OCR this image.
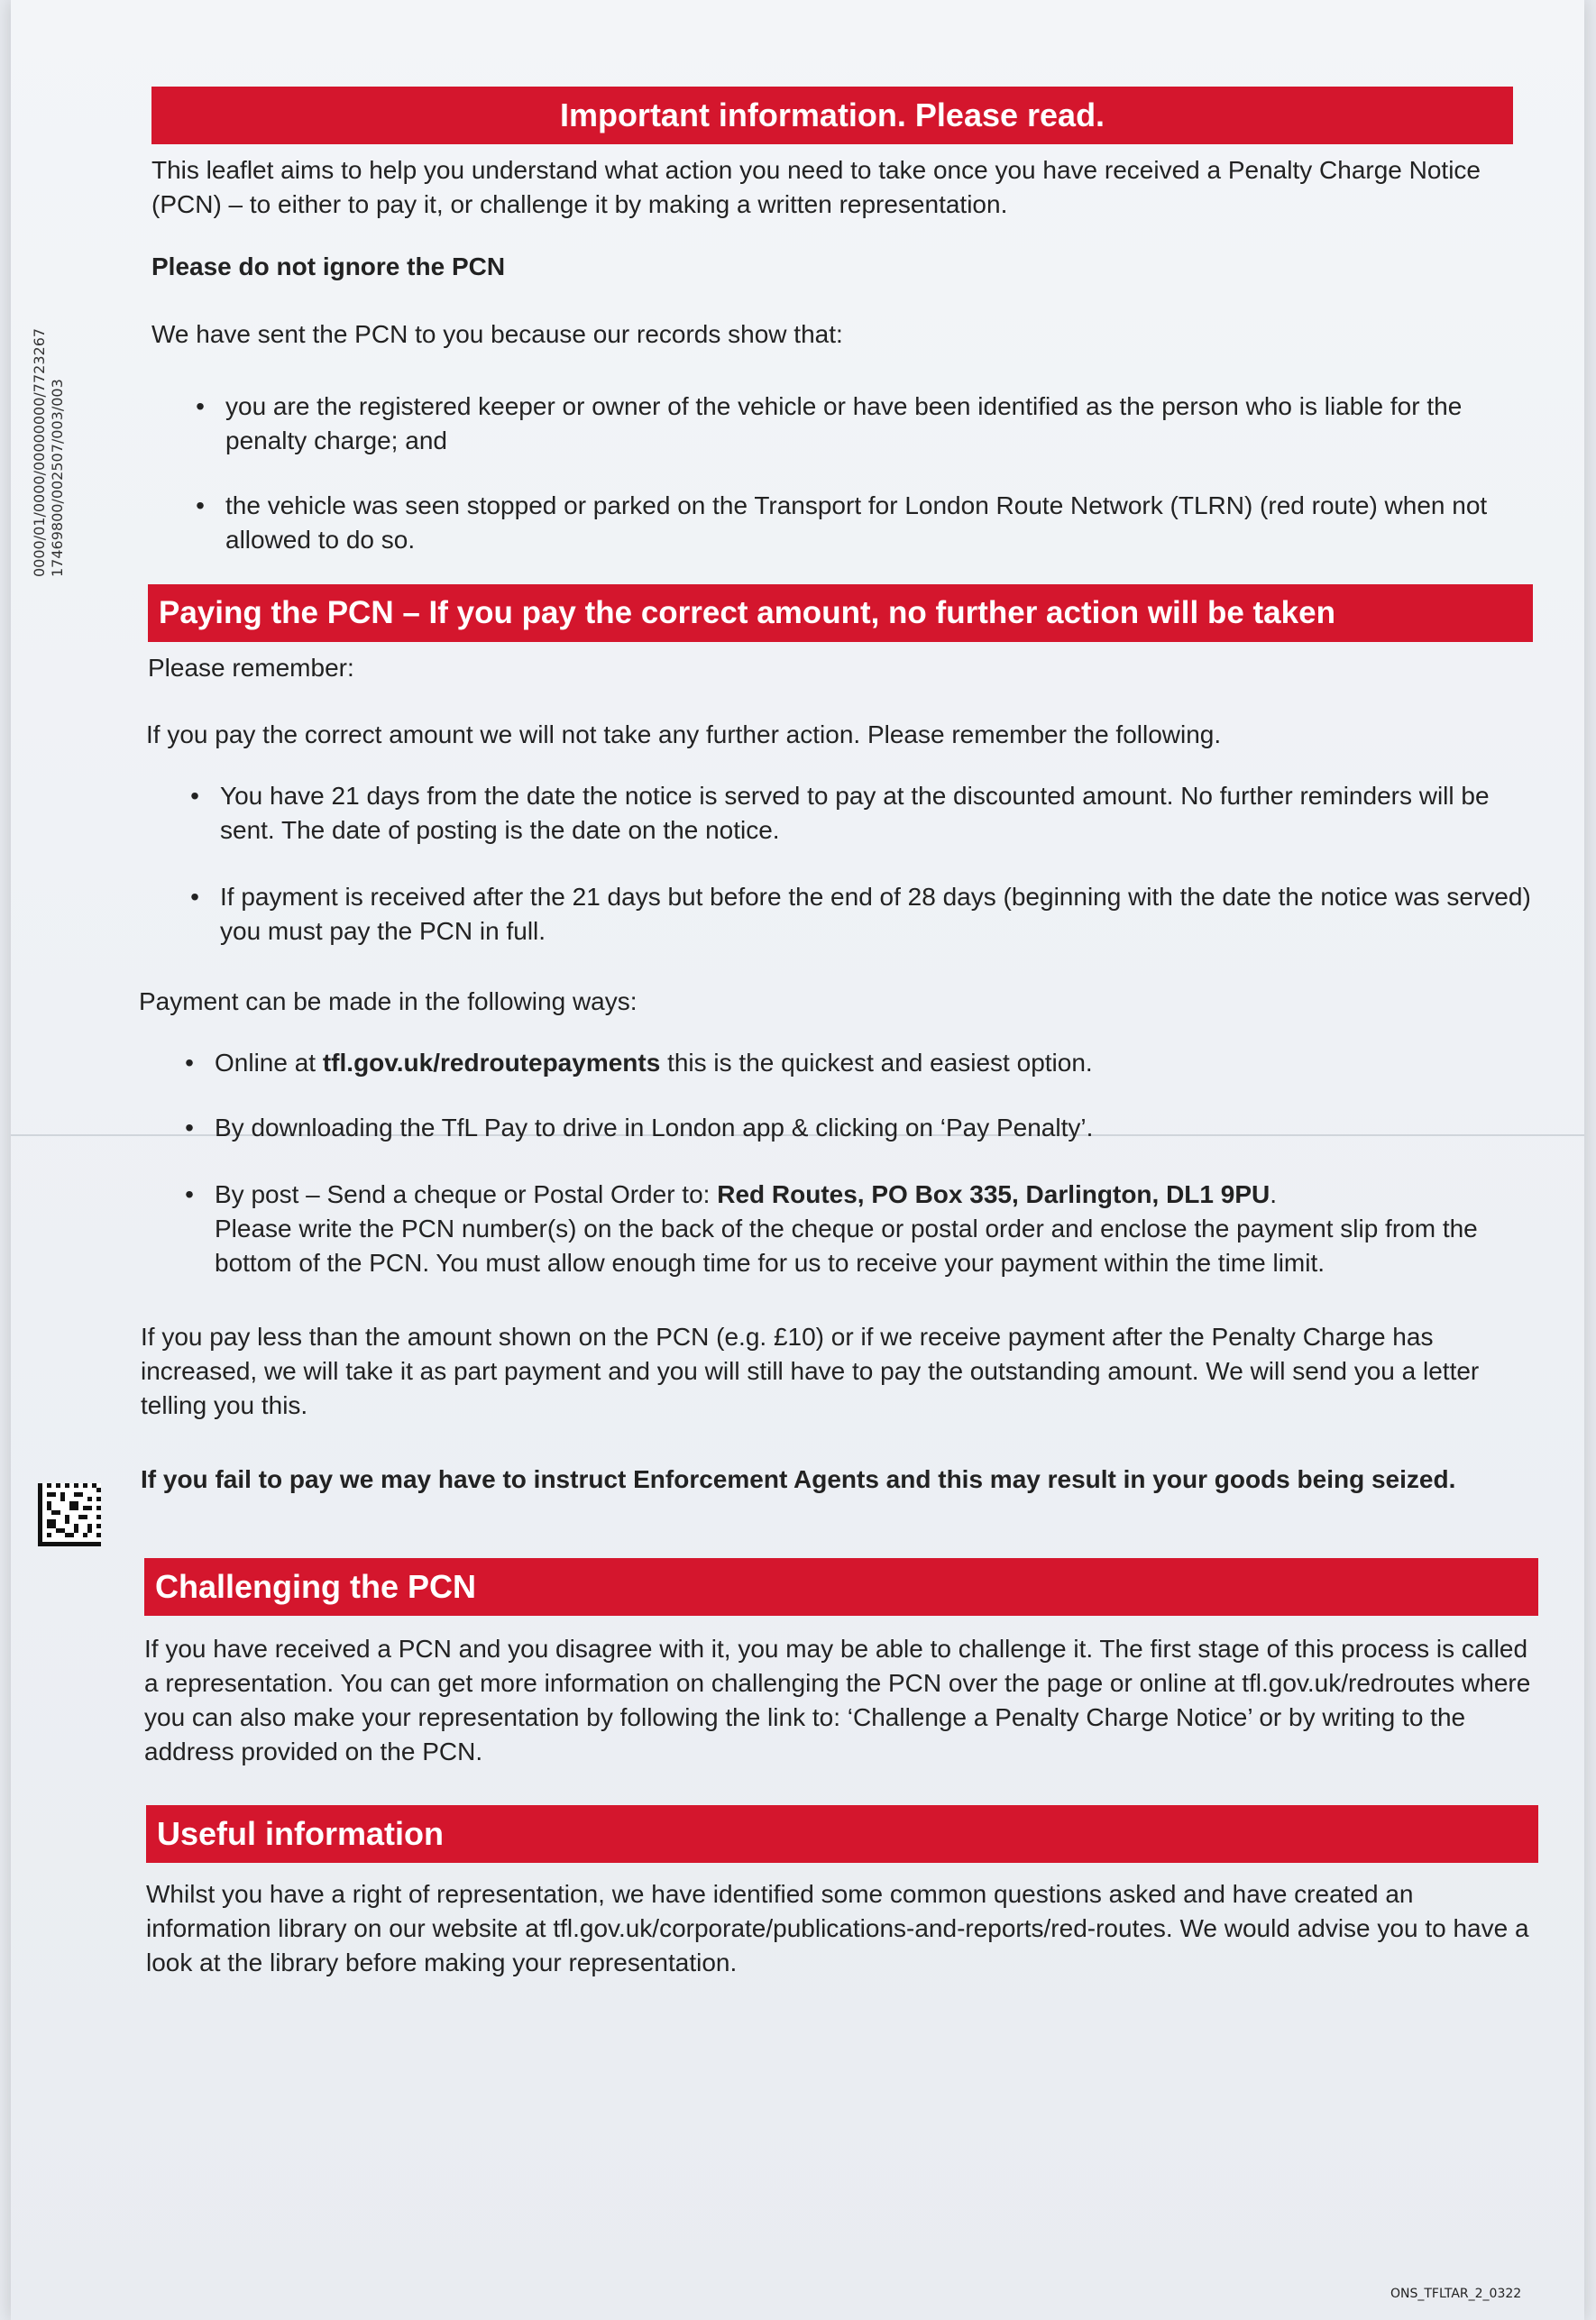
0000/01/0000/00000000/7723267 17469800/002507/003/003
Important information. Please read.
This leaflet aims to help you understand what action you need to take once you have received a Penalty Charge Notice (PCN) – to either to pay it, or challenge it by making a written representation.
Please do not ignore the PCN
We have sent the PCN to you because our records show that:
• you are the registered keeper or owner of the vehicle or have been identified as the person who is liable for the penalty charge; and
• the vehicle was seen stopped or parked on the Transport for London Route Network (TLRN) (red route) when not allowed to do so.
Paying the PCN – If you pay the correct amount, no further action will be taken
Please remember:
If you pay the correct amount we will not take any further action. Please remember the following.
• You have 21 days from the date the notice is served to pay at the discounted amount. No further reminders will be sent. The date of posting is the date on the notice.
• If payment is received after the 21 days but before the end of 28 days (beginning with the date the notice was served) you must pay the PCN in full.
Payment can be made in the following ways:
• Online at tfl.gov.uk/redroutepayments this is the quickest and easiest option.
• By downloading the TfL Pay to drive in London app & clicking on ‘Pay Penalty’.
• By post – Send a cheque or Postal Order to: Red Routes, PO Box 335, Darlington, DL1 9PU.
Please write the PCN number(s) on the back of the cheque or postal order and enclose the payment slip from the bottom of the PCN. You must allow enough time for us to receive your payment within the time limit.
If you pay less than the amount shown on the PCN (e.g. £10) or if we receive payment after the Penalty Charge has increased, we will take it as part payment and you will still have to pay the outstanding amount. We will send you a letter telling you this.
If you fail to pay we may have to instruct Enforcement Agents and this may result in your goods being seized.
Challenging the PCN
If you have received a PCN and you disagree with it, you may be able to challenge it. The first stage of this process is called a representation. You can get more information on challenging the PCN over the page or online at tfl.gov.uk/redroutes where you can also make your representation by following the link to: ‘Challenge a Penalty Charge Notice’ or by writing to the address provided on the PCN.
Useful information
Whilst you have a right of representation, we have identified some common questions asked and have created an information library on our website at tfl.gov.uk/corporate/publications-and-reports/red-routes. We would advise you to have a look at the library before making your representation.
ONS_TFLTAR_2_0322
